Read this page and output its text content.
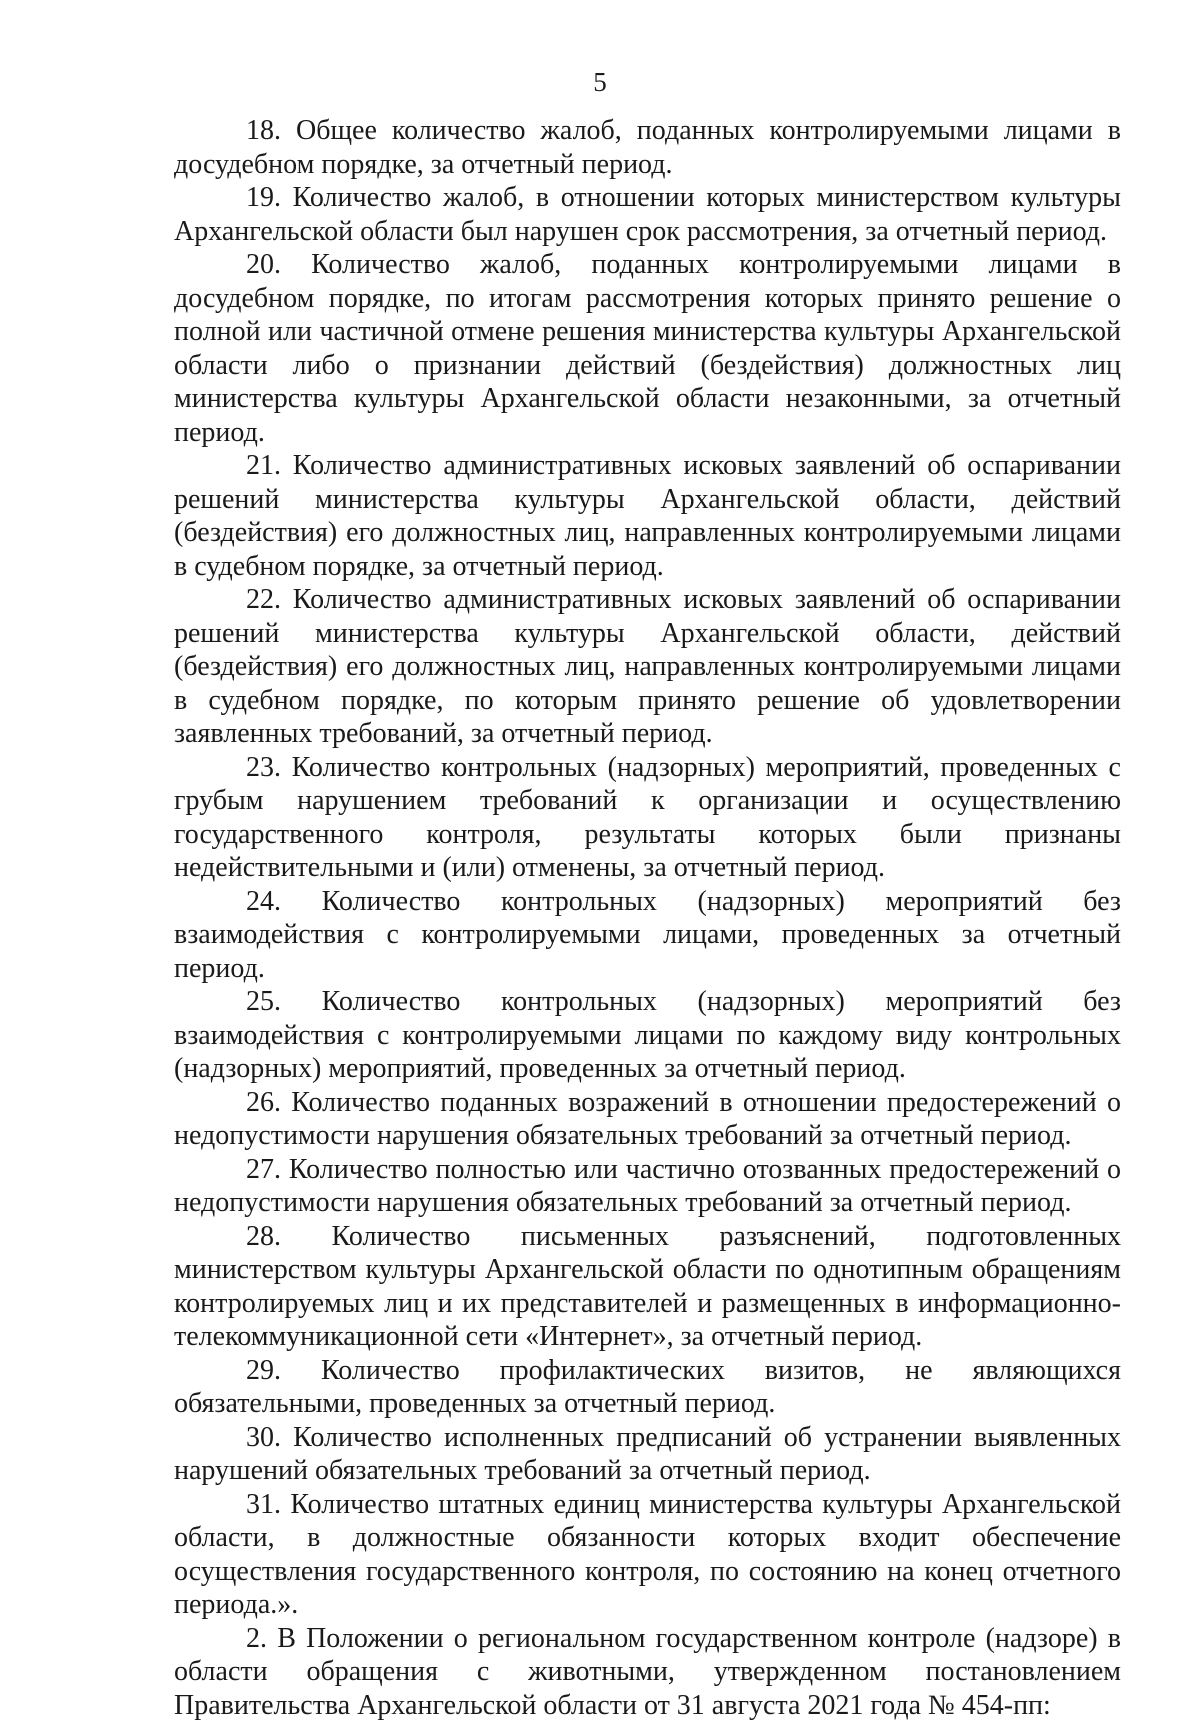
5

18. Общее количество жалоб, поданных контролируемыми лицами в досудебном порядке, за отчетный период.

19. Количество жалоб, в отношении которых министерством культуры Архангельской области был нарушен срок рассмотрения, за отчетный период.

20. Количество жалоб, поданных контролируемыми лицами в досудебном порядке, по итогам рассмотрения которых принято решение о полной или частичной отмене решения министерства культуры Архангельской области либо о признании действий (бездействия) должностных лиц министерства культуры Архангельской области незаконными, за отчетный период.

21. Количество административных исковых заявлений об оспаривании решений министерства культуры Архангельской области, действий (бездействия) его должностных лиц, направленных контролируемыми лицами в судебном порядке, за отчетный период.

22. Количество административных исковых заявлений об оспаривании решений министерства культуры Архангельской области, действий (бездействия) его должностных лиц, направленных контролируемыми лицами в судебном порядке, по которым принято решение об удовлетворении заявленных требований, за отчетный период.

23. Количество контрольных (надзорных) мероприятий, проведенных с грубым нарушением требований к организации и осуществлению государственного контроля, результаты которых были признаны недействительными и (или) отменены, за отчетный период.

24. Количество контрольных (надзорных) мероприятий без взаимодействия с контролируемыми лицами, проведенных за отчетный период.

25. Количество контрольных (надзорных) мероприятий без взаимодействия с контролируемыми лицами по каждому виду контрольных (надзорных) мероприятий, проведенных за отчетный период.

26. Количество поданных возражений в отношении предостережений о недопустимости нарушения обязательных требований за отчетный период.

27. Количество полностью или частично отозванных предостережений о недопустимости нарушения обязательных требований за отчетный период.

28. Количество письменных разъяснений, подготовленных министерством культуры Архангельской области по однотипным обращениям контролируемых лиц и их представителей и размещенных в информационно-телекоммуникационной сети «Интернет», за отчетный период.

29. Количество профилактических визитов, не являющихся обязательными, проведенных за отчетный период.

30. Количество исполненных предписаний об устранении выявленных нарушений обязательных требований за отчетный период.

31. Количество штатных единиц министерства культуры Архангельской области, в должностные обязанности которых входит обеспечение осуществления государственного контроля, по состоянию на конец отчетного периода.».

2. В Положении о региональном государственном контроле (надзоре) в области обращения с животными, утвержденном постановлением Правительства Архангельской области от 31 августа 2021 года № 454-пп:
